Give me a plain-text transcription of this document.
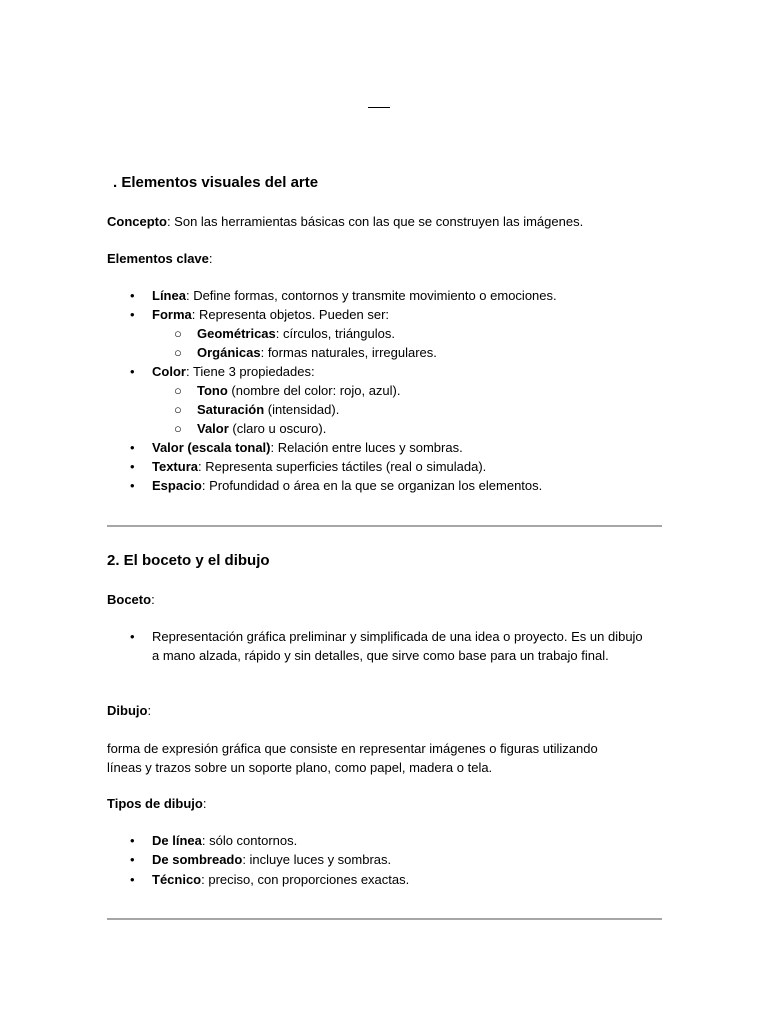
. Elementos visuales del arte
Concepto: Son las herramientas básicas con las que se construyen las imágenes.
Elementos clave:
• Línea: Define formas, contornos y transmite movimiento o emociones.
• Forma: Representa objetos. Pueden ser:
○ Geométricas: círculos, triángulos.
○ Orgánicas: formas naturales, irregulares.
• Color: Tiene 3 propiedades:
○ Tono (nombre del color: rojo, azul).
○ Saturación (intensidad).
○ Valor (claro u oscuro).
• Valor (escala tonal): Relación entre luces y sombras.
• Textura: Representa superficies táctiles (real o simulada).
• Espacio: Profundidad o área en la que se organizan los elementos.
2. El boceto y el dibujo
Boceto:
• Representación gráfica preliminar y simplificada de una idea o proyecto. Es un dibujo a mano alzada, rápido y sin detalles, que sirve como base para un trabajo final.
Dibujo:
forma de expresión gráfica que consiste en representar imágenes o figuras utilizando
líneas y trazos sobre un soporte plano, como papel, madera o tela.
Tipos de dibujo:
• De línea: sólo contornos.
• De sombreado: incluye luces y sombras.
• Técnico: preciso, con proporciones exactas.
